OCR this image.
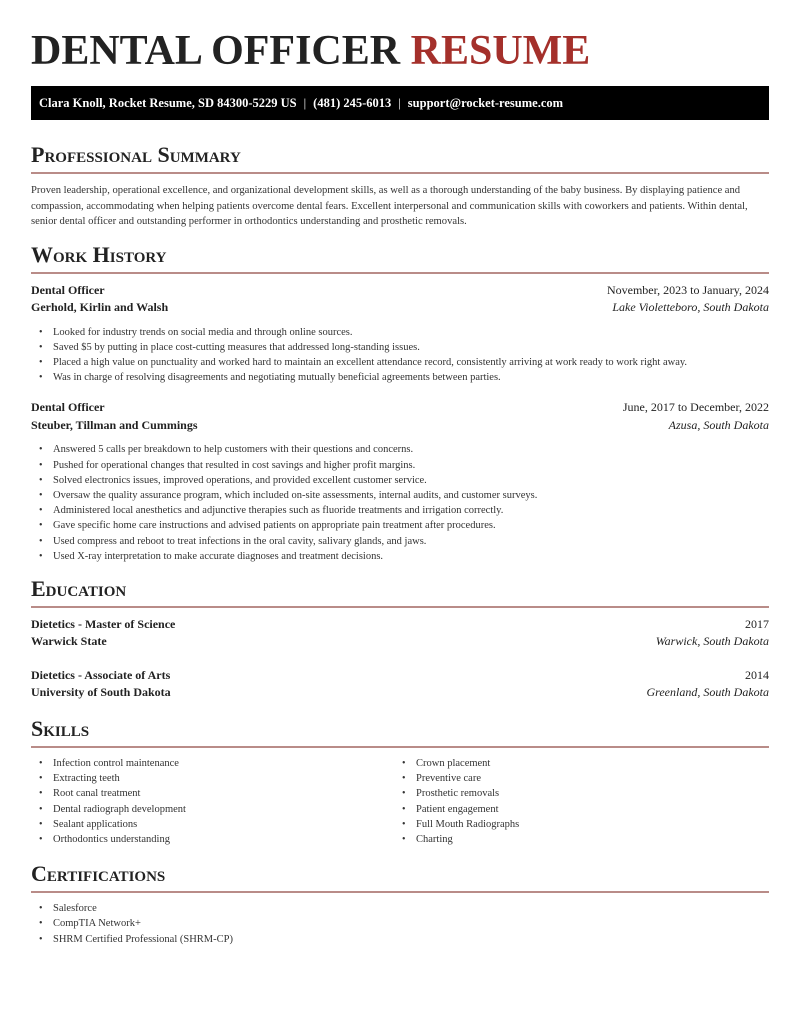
DENTAL OFFICER RESUME
Clara Knoll, Rocket Resume, SD 84300-5229 US | (481) 245-6013 | support@rocket-resume.com
Professional Summary

Proven leadership, operational excellence, and organizational development skills, as well as a thorough understanding of the baby business. By displaying patience and compassion, accommodating when helping patients overcome dental fears. Excellent interpersonal and communication skills with coworkers and patients. Within dental, senior dental officer and outstanding performer in orthodontics understanding and prosthetic removals.

Work History
Dental Officer	November, 2023 to January, 2024
Gerhold, Kirlin and Walsh	Lake Violetteboro, South Dakota
• Looked for industry trends on social media and through online sources.
• Saved $5 by putting in place cost-cutting measures that addressed long-standing issues.
• Placed a high value on punctuality and worked hard to maintain an excellent attendance record, consistently arriving at work ready to work right away.
• Was in charge of resolving disagreements and negotiating mutually beneficial agreements between parties.
Dental Officer	June, 2017 to December, 2022
Steuber, Tillman and Cummings	Azusa, South Dakota
• Answered 5 calls per breakdown to help customers with their questions and concerns.
• Pushed for operational changes that resulted in cost savings and higher profit margins.
• Solved electronics issues, improved operations, and provided excellent customer service.
• Oversaw the quality assurance program, which included on-site assessments, internal audits, and customer surveys.
• Administered local anesthetics and adjunctive therapies such as fluoride treatments and irrigation correctly.
• Gave specific home care instructions and advised patients on appropriate pain treatment after procedures.
• Used compress and reboot to treat infections in the oral cavity, salivary glands, and jaws.
• Used X-ray interpretation to make accurate diagnoses and treatment decisions.
Education
Dietetics - Master of Science	2017
Warwick State	Warwick, South Dakota
Dietetics - Associate of Arts	2014
University of South Dakota	Greenland, South Dakota
Skills
• Infection control maintenance
• Extracting teeth
• Root canal treatment
• Dental radiograph development
• Sealant applications
• Orthodontics understanding
• Crown placement
• Preventive care
• Prosthetic removals
• Patient engagement
• Full Mouth Radiographs
• Charting
Certifications
• Salesforce
• CompTIA Network+
• SHRM Certified Professional (SHRM-CP)
